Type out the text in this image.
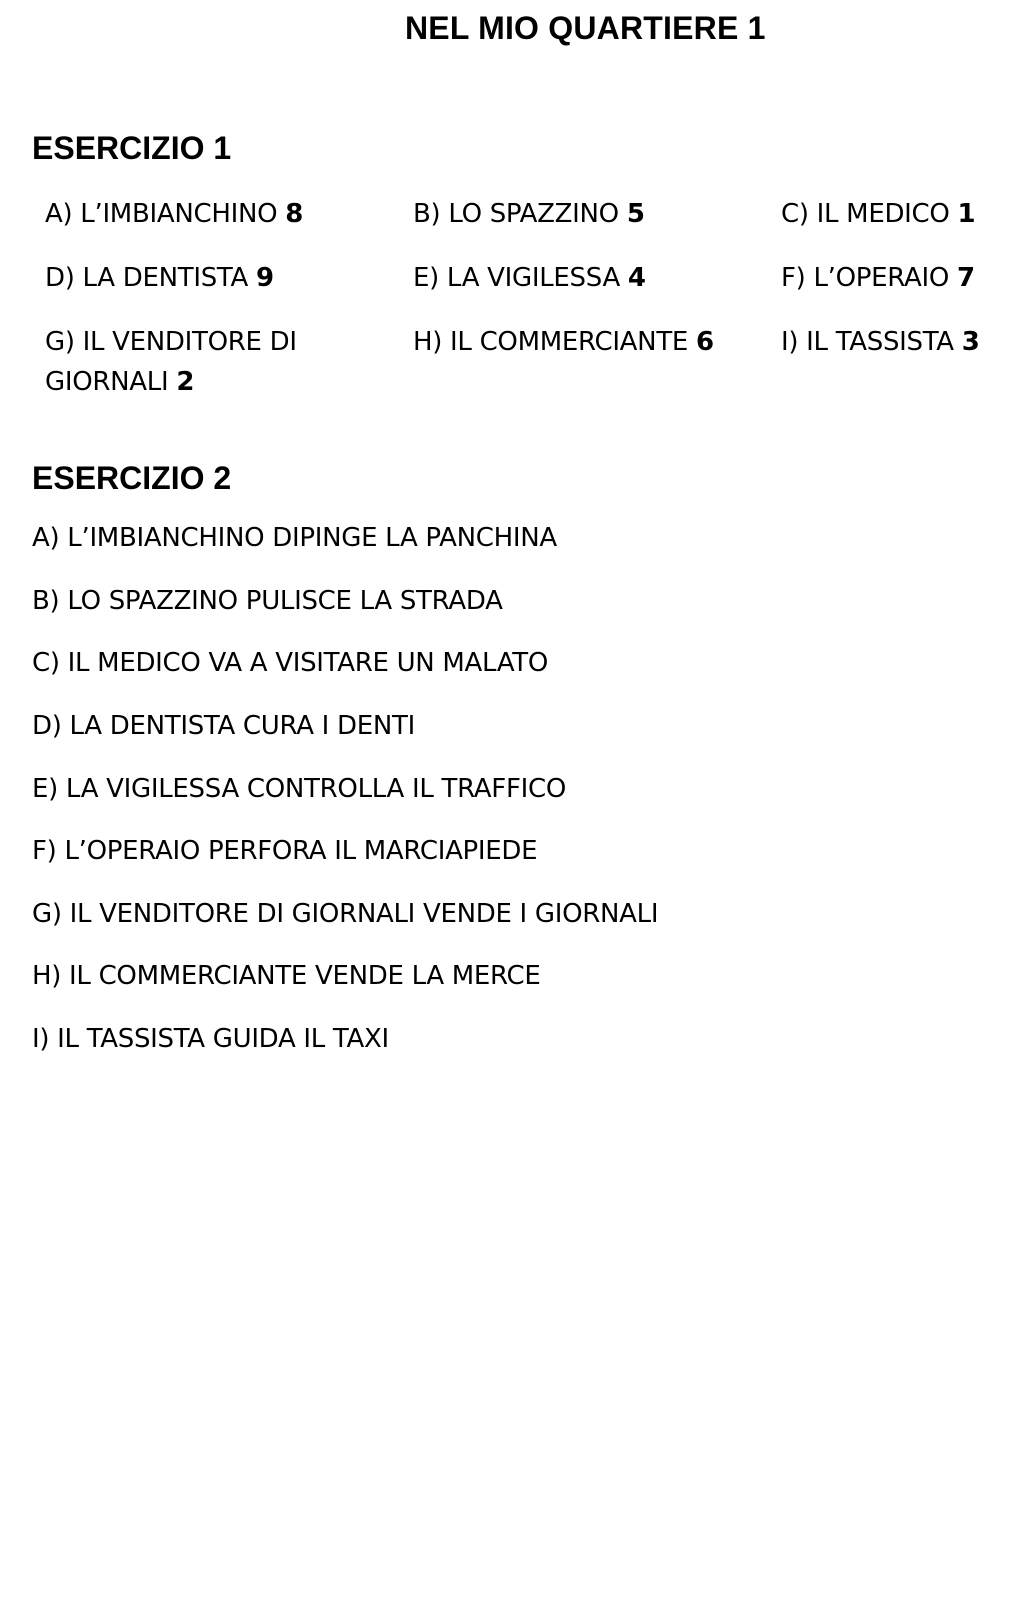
NEL MIO QUARTIERE 1
ESERCIZIO 1
A) L’IMBIANCHINO 8	B) LO SPAZZINO 5	C) IL MEDICO 1
D) LA DENTISTA 9	E) LA VIGILESSA 4	F) L’OPERAIO 7
G) IL VENDITORE DI
GIORNALI 2
H) IL COMMERCIANTE 6	I) IL TASSISTA 3
ESERCIZIO 2
A) L’IMBIANCHINO DIPINGE LA PANCHINA
B) LO SPAZZINO PULISCE LA STRADA
C) IL MEDICO VA A VISITARE UN MALATO
D) LA DENTISTA CURA I DENTI
E) LA VIGILESSA CONTROLLA IL TRAFFICO
F) L’OPERAIO PERFORA IL MARCIAPIEDE
G) IL VENDITORE DI GIORNALI VENDE I GIORNALI
H) IL COMMERCIANTE VENDE LA MERCE
I) IL TASSISTA GUIDA IL TAXI
